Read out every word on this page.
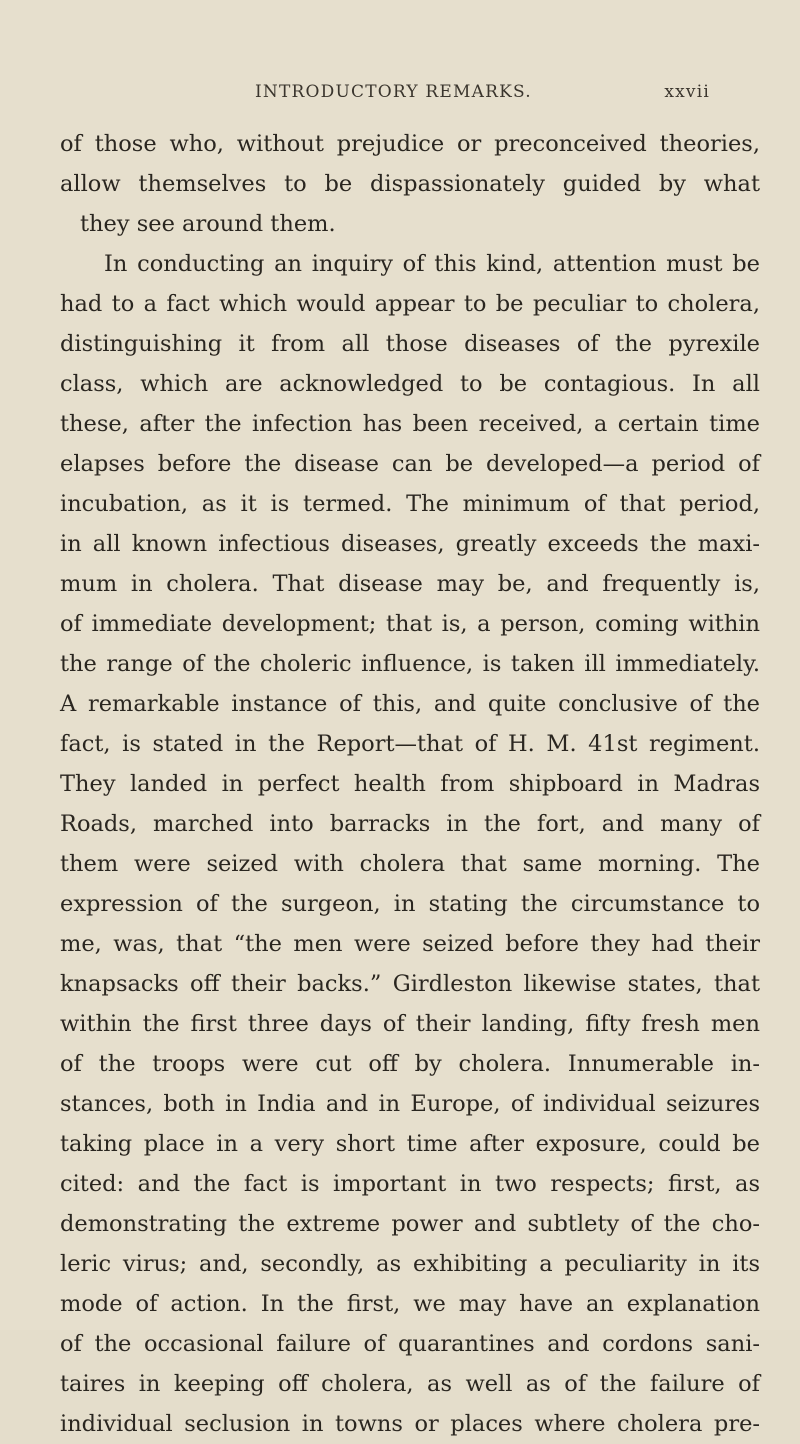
INTRODUCTORY REMARKS.	xxvii
of those who, without prejudice or preconceived theories,
allow themselves to be dispassionately guided by what
they see around them.
In conducting an inquiry of this kind, attention must be
had to a fact which would appear to be peculiar to cholera,
distinguishing it from all those diseases of the pyrexile
class, which are acknowledged to be contagious. In all
these, after the infection has been received, a certain time
elapses before the disease can be developed—a period of
incubation, as it is termed. The minimum of that period,
in all known infectious diseases, greatly exceeds the maxi-
mum in cholera. That disease may be, and frequently is,
of immediate development; that is, a person, coming within
the range of the choleric influence, is taken ill immediately.
A remarkable instance of this, and quite conclusive of the
fact, is stated in the Report—that of H. M. 41st regiment.
They landed in perfect health from shipboard in Madras
Roads, marched into barracks in the fort, and many of
them were seized with cholera that same morning. The
expression of the surgeon, in stating the circumstance to
me, was, that “the men were seized before they had their
knapsacks off their backs.” Girdleston likewise states, that
within the first three days of their landing, fifty fresh men
of the troops were cut off by cholera. Innumerable in-
stances, both in India and in Europe, of individual seizures
taking place in a very short time after exposure, could be
cited: and the fact is important in two respects; first, as
demonstrating the extreme power and subtlety of the cho-
leric virus; and, secondly, as exhibiting a peculiarity in its
mode of action. In the first, we may have an explanation
of the occasional failure of quarantines and cordons sani-
taires in keeping off cholera, as well as of the failure of
individual seclusion in towns or places where cholera pre-
